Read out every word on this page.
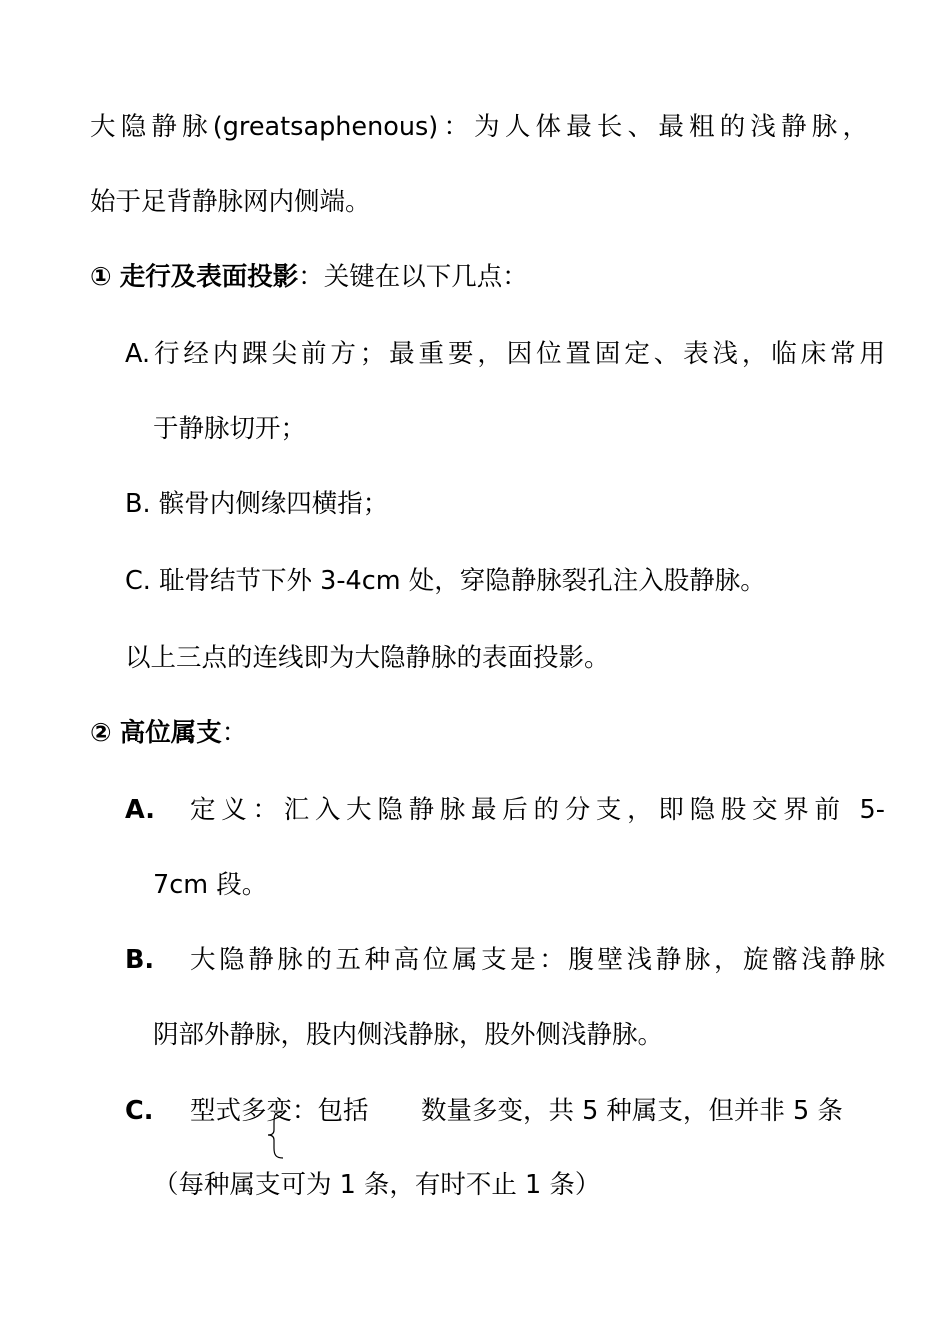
大隐静脉(greatsaphenous)：为人体最长、最粗的浅静脉，
始于足背静脉网内侧端。
① 走行及表面投影：关键在以下几点：
A.行经内踝尖前方；最重要，因位置固定、表浅，临床常用
于静脉切开；
B. 髌骨内侧缘四横指；
C. 耻骨结节下外 3-4cm 处，穿隐静脉裂孔注入股静脉。
以上三点的连线即为大隐静脉的表面投影。
② 高位属支：
A. 定义：汇入大隐静脉最后的分支，即隐股交界前 5-
7cm 段。
B. 大隐静脉的五种高位属支是：腹壁浅静脉，旋髂浅静脉
阴部外静脉，股内侧浅静脉，股外侧浅静脉。
C. 型式多变：包括 数量多变，共 5 种属支，但并非 5 条
（每种属支可为 1 条，有时不止 1 条）
